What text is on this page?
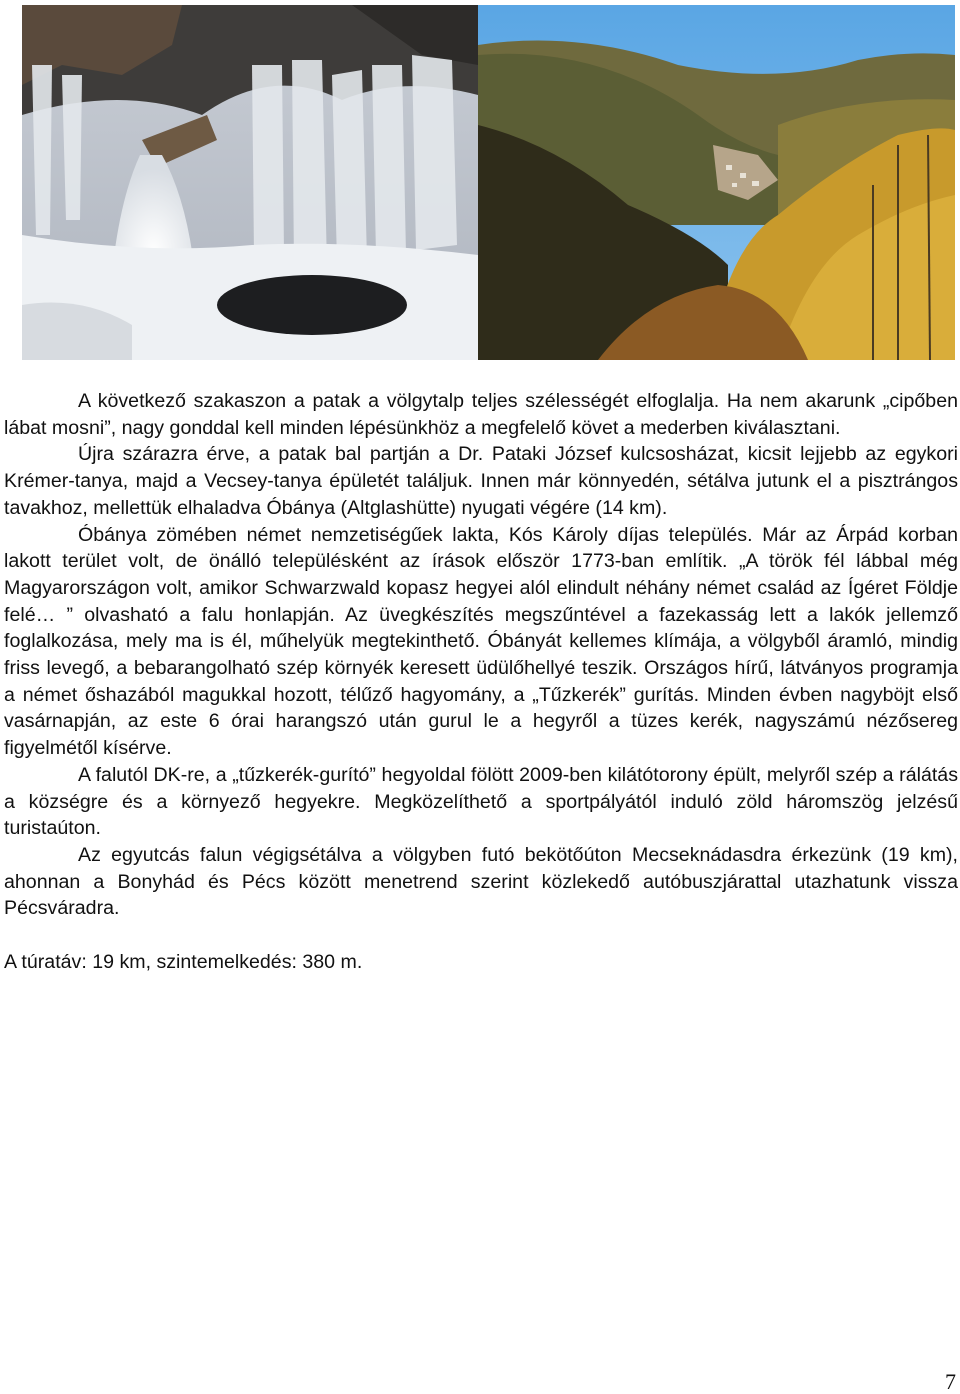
A következő szakaszon a patak a völgytalp teljes szélességét elfoglalja. Ha nem akarunk „cipőben lábat mosni”, nagy gonddal kell minden lépésünkhöz a megfelelő követ a mederben kiválasztani.

Újra szárazra érve, a patak bal partján a Dr. Pataki József kulcsosházat, kicsit lejjebb az egykori Krémer-tanya, majd a Vecsey-tanya épületét találjuk. Innen már könnyedén, sétálva jutunk el a pisztrángos tavakhoz, mellettük elhaladva Óbánya (Altglashütte) nyugati végére (14 km).

Óbánya zömében német nemzetiségűek lakta, Kós Károly díjas település. Már az Árpád korban lakott terület volt, de önálló településként az írások először 1773-ban említik. „A török fél lábbal még Magyarországon volt, amikor Schwarzwald kopasz hegyei alól elindult néhány német család az Ígéret Földje felé… ” olvasható a falu honlapján. Az üvegkészítés megszűntével a fazekasság lett a lakók jellemző foglalkozása, mely ma is él, műhelyük megtekinthető. Óbányát kellemes klímája, a völgyből áramló, mindig friss levegő, a bebarangolható szép környék keresett üdülőhellyé teszik. Országos hírű, látványos programja a német őshazából magukkal hozott, télűző hagyomány, a „Tűzkerék” gurítás. Minden évben nagyböjt első vasárnapján, az este 6 órai harangszó után gurul le a hegyről a tüzes kerék, nagyszámú nézősereg figyelmétől kísérve.

A falutól DK-re, a „tűzkerék-gurító” hegyoldal fölött 2009-ben kilátótorony épült, melyről szép a rálátás a községre és a környező hegyekre. Megközelíthető a sportpályától induló zöld háromszög jelzésű turistaúton.

Az egyutcás falun végigsétálva a völgyben futó bekötőúton Mecseknádasdra érkezünk (19 km), ahonnan a Bonyhád és Pécs között menetrend szerint közlekedő autóbuszjárattal utazhatunk vissza Pécsváradra.

A túratáv: 19 km, szintemelkedés: 380 m.

7
